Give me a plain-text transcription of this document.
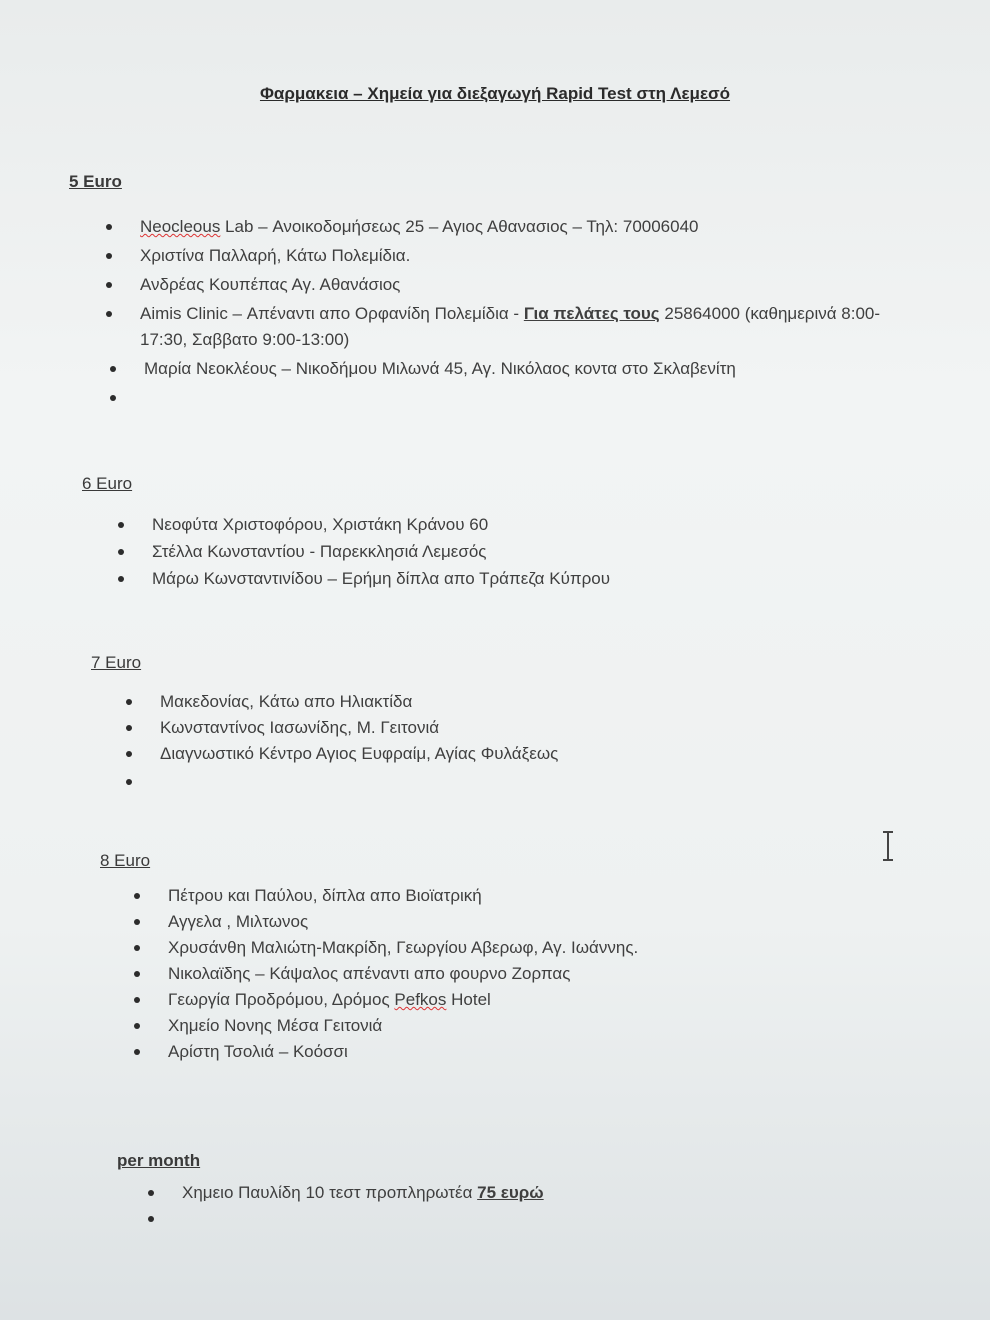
Φαρμακεια – Χημεία για διεξαγωγή Rapid Test στη Λεμεσό
5 Euro
Neocleous Lab – Ανοικοδομήσεως 25 – Αγιος Αθανασιος – Τηλ: 70006040
Χριστίνα Παλλαρή, Κάτω Πολεμίδια.
Ανδρέας Κουπέπας Αγ. Αθανάσιος
Aimis Clinic – Απέναντι απο Ορφανίδη Πολεμίδια - Για πελάτες τους 25864000 (καθημερινά 8:00-17:30, Σαββατο 9:00-13:00)
Μαρία Νεοκλέους – Νικοδήμου Μιλωνά 45, Αγ. Νικόλαος κοντα στο Σκλαβενίτη
6 Euro
Νεοφύτα Χριστοφόρου, Χριστάκη Κράνου 60
Στέλλα Κωνσταντίου - Παρεκκλησιά Λεμεσός
Μάρω Κωνσταντινίδου – Ερήμη δίπλα απο Τράπεζα Κύπρου
7 Euro
Μακεδονίας, Κάτω απο Ηλιακτίδα
Κωνσταντίνος Ιασωνίδης, Μ. Γειτονιά
Διαγνωστικό Κέντρο Αγιος Ευφραίμ, Αγίας Φυλάξεως
8 Euro
Πέτρου και Παύλου, δίπλα απο Βιοϊατρική
Αγγελα , Μιλτωνος
Χρυσάνθη Μαλιώτη-Μακρίδη, Γεωργίου Αβερωφ, Αγ. Ιωάννης.
Νικολαϊδης – Κάψαλος απέναντι απο φουρνο Ζορπας
Γεωργία Προδρόμου, Δρόμος Pefkos Hotel
Χημείο Νονης Μέσα Γειτονιά
Αρίστη Τσολιά – Κοόσσι
per month
Χημειο Παυλίδη 10 τεστ προπληρωτέα 75 ευρώ
